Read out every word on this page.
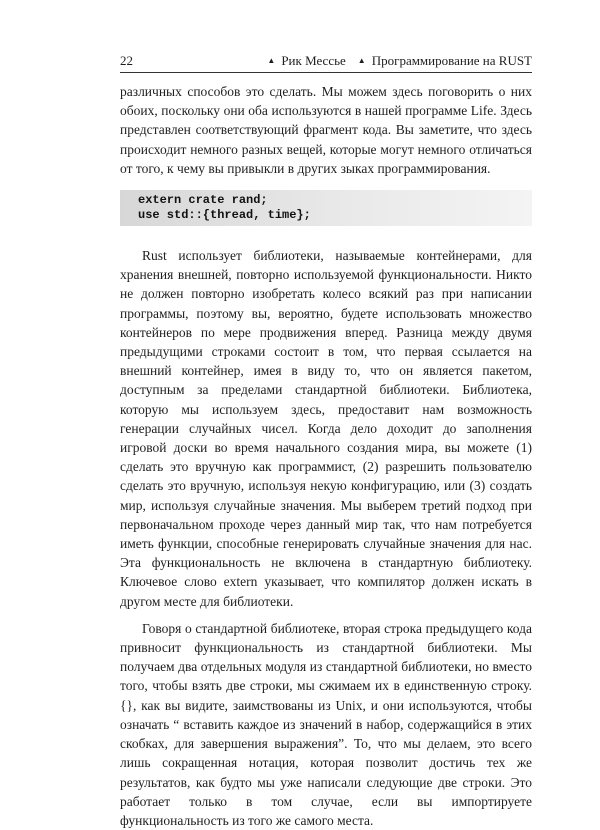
22	▲ Рик Мессье ▲ Программирование на RUST

различных способов это сделать. Мы можем здесь поговорить о них обоих, поскольку они оба используются в нашей программе Life. Здесь представлен соответствующий фрагмент кода. Вы заметите, что здесь происходит немного разных вещей, которые могут немного отличаться от того, к чему вы привыкли в других зыках программирования.

extern crate rand;
use std::{thread, time};

Rust использует библиотеки, называемые контейнерами, для хранения внешней, повторно используемой функциональности. Никто не должен повторно изобретать колесо всякий раз при написании программы, поэтому вы, вероятно, будете использовать множество контейнеров по мере продвижения вперед. Разница между двумя предыдущими строками состоит в том, что первая ссылается на внешний контейнер, имея в виду то, что он является пакетом, доступным за пределами стандартной библиотеки. Библиотека, которую мы используем здесь, предоставит нам возможность генерации случайных чисел. Когда дело доходит до заполнения игровой доски во время начального создания мира, вы можете (1) сделать это вручную как программист, (2) разрешить пользователю сделать это вручную, используя некую конфигурацию, или (3) создать мир, используя случайные значения. Мы выберем третий подход при первоначальном проходе через данный мир так, что нам потребуется иметь функции, способные генерировать случайные значения для нас. Эта функциональность не включена в стандартную библиотеку. Ключевое слово extern указывает, что компилятор должен искать в другом месте для библиотеки.

Говоря о стандартной библиотеке, вторая строка предыдущего кода привносит функциональность из стандартной библиотеки. Мы получаем два отдельных модуля из стандартной библиотеки, но вместо того, чтобы взять две строки, мы сжимаем их в единственную строку. {}, как вы видите, заимствованы из Unix, и они используются, чтобы означать “ вставить каждое из значений в набор, содержащийся в этих скобках, для завершения выражения”. То, что мы делаем, это всего лишь сокращенная нотация, которая позволит достичь тех же результатов, как будто мы уже написали следующие две строки. Это работает только в том случае, если вы импортируете функциональность из того же самого места.
